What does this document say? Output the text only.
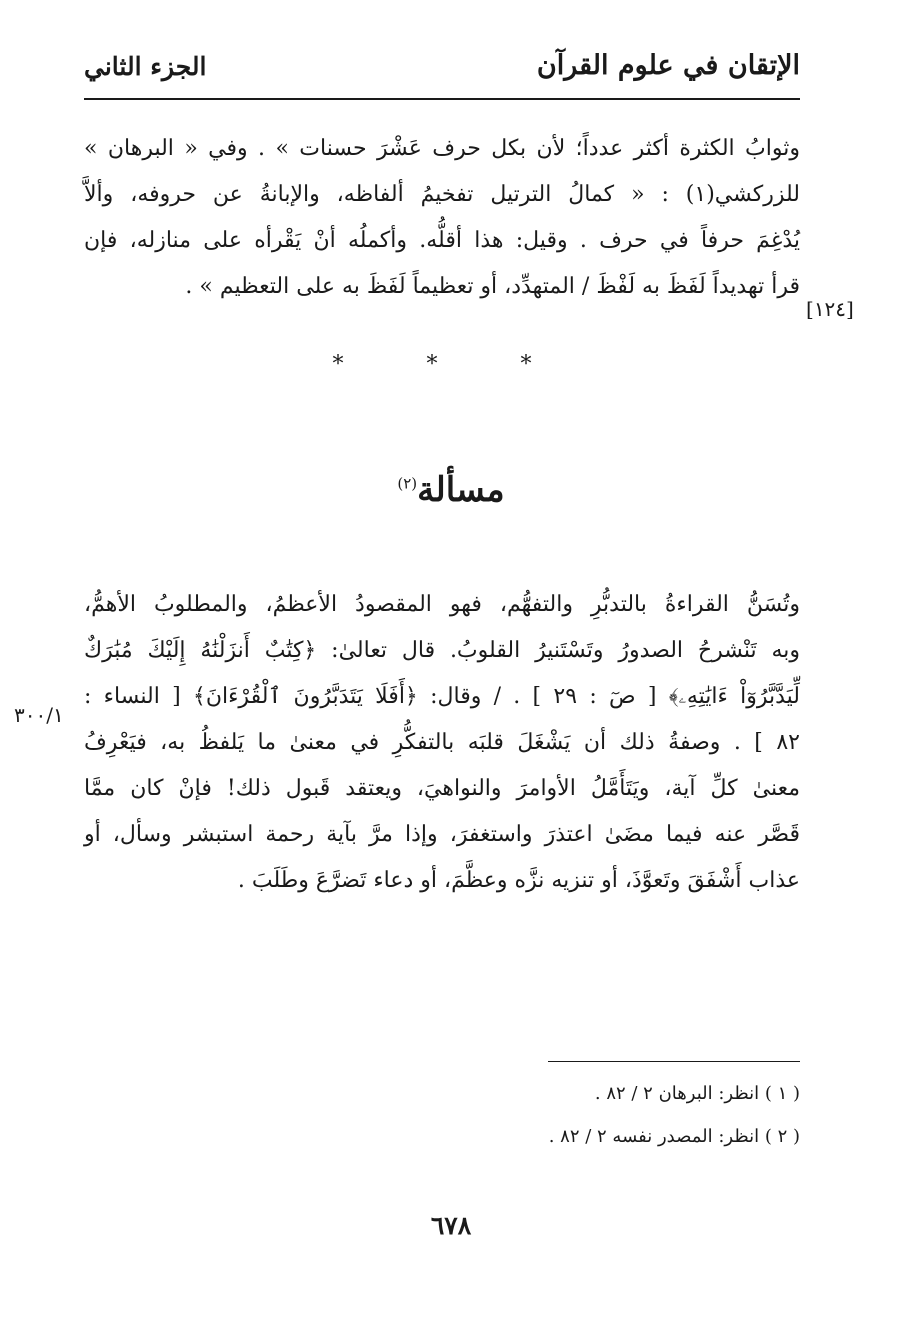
الإتقان في علوم القرآن
الجزء الثاني
وثوابُ الكثرة أكثر عدداً؛ لأن بكل حرف عَشْرَ حسنات » . وفي « البرهان »
للزركشي(١) : « كمالُ الترتيل تفخيمُ ألفاظه، والإبانةُ عن حروفه، وألاَّ
يُدْغِمَ حرفاً في حرف . وقيل: هذا أقلُّه. وأكملُه أنْ يَقْرأه على منازله، فإن
قرأ تهديداً لَفَظَ به لَفْظَ / المتهدِّد، أو تعظيماً لَفَظَ به على التعظيم » .
[١٢٤]
* * *
مسألة$^{(٢)}$
وتُسَنُّ القراءةُ بالتدبُّرِ والتفهُّم، فهو المقصودُ الأعظمُ، والمطلوبُ الأهمُّ،
وبه تَنْشرحُ الصدورُ وتَسْتَنيرُ القلوبُ. قال تعالىٰ: ﴿كِتَٰبٌ أَنزَلْنَٰهُ إِلَيْكَ مُبَٰرَكٌ
لِّيَدَّبَّرُوٓاْ ءَايَٰتِهِۦ﴾ [ صٓ : ٢٩ ] . / وقال: ﴿أَفَلَا يَتَدَبَّرُونَ ٱلْقُرْءَانَ﴾ [ النساء :
٨٢ ] . وصفةُ ذلك أن يَشْغَلَ قلبَه بالتفكُّرِ في معنىٰ ما يَلفظُ به، فيَعْرِفُ
معنىٰ كلِّ آية، ويَتَأَمَّلُ الأوامرَ والنواهيَ، ويعتقد قَبول ذلك! فإنْ كان ممَّا
قَصَّر عنه فيما مضَىٰ اعتذرَ واستغفرَ، وإذا مرَّ بآية رحمة استبشر وسأل، أو
عذاب أَشْفَقَ وتَعوَّذَ، أو تنزيه نزَّه وعظَّمَ، أو دعاء تَضرَّعَ وطَلَبَ .
٣٠٠/١
( ١ ) انظر: البرهان ٢ / ٨٢ .
( ٢ ) انظر: المصدر نفسه ٢ / ٨٢ .
٦٧٨
